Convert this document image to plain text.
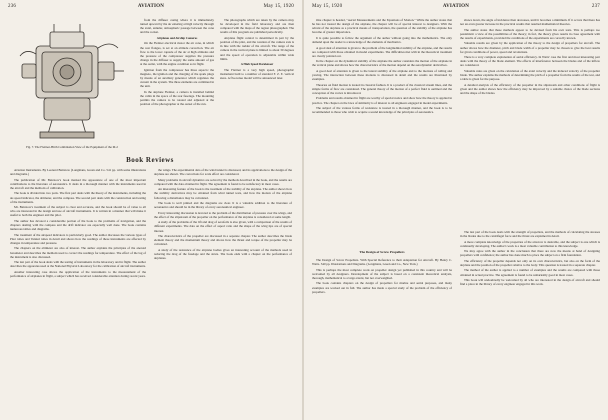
236	AVIATION	May 15, 1920

from the diffuser casing where it is immediately turned upward by the air entering at high velocity through the axial, annular, atmospheric passage between the cone and the rocket.

Airplanes and Airship Cameras

On the Flettner electrical motor the air cone, in which the rear flanges, is set at an altitude correction. The air flow to the lower capsule of the air at high altitudes and the pressure of the compressor supplies the pressure change in the diffuser to supply the same amount of gas at the outlet, with the engine condition as in flight.

Ignition from the compressor has three aspects: the magneto, the ignition and the charging of the spark plugs by means of an auxiliary generator which regulates the current in the system. The three elements are combined in the unit.

In the airplane Flettner, a camera is installed behind the cabin in the space of the rear fuselage. The mounting permits the camera to be rotated and adjusted at the position of the photographer at the outset of the run.

The photographs which are taken by the camera may be developed in the field laboratory and are then compared with the maps of the region photographed. The results of this program are published periodically.

Airplane flight control is determined in part by the position of the pilot, and the rotation of the camera axis is in line with the rudder of the aircraft. The range of the camera in the vertical plane is limited to about 30 degrees and the speed of operation is adjustable within wide limits.

A Hiah Speed Darelenaer

The Flettner is a very high speed, photographic instrument built to a number of standard F. Z. E. vertical sizes. A five-lense model will be announced later.

Fig. 7. The Flettner-Hirth Combination View of the Equipment of the M-2
Book Reviews

Aviation Instruments. By Leonard Bairstow (Longmans, Green and Co. 541 pp. with some illustrations and diagrams.)

The publication of Mr. Bairstow's book marked the appearance of one of the most important contributions to the literature of aeronautics. It deals in a thorough manner with the instruments used in the aircraft and the methods of calibration.

The book is divided into two parts. The first part deals with the theory of the instruments, including the air-speed indicator, the altimeter, and the compass. The second part deals with the construction and testing of the instruments.

Mr. Bairstow's treatment of the subject is clear and accurate, and the book should be of value to all who are interested in the design and use of aircraft instruments. It is written in a manner that will make it useful to both the engineer and the pilot.

The author has devoted a considerable portion of the book to the problems of navigation, and the chapters dealing with the compass and the drift indicator are especially well done. The book contains numerous tables and diagrams.

The treatment of the airspeed indicators is particularly good. The author discusses the various types of Pitot tubes and Venturi tubes in detail and shows how the readings of these instruments are affected by changes in temperature and pressure.

The chapters on the altimeter are also of interest. The author explains the principles of the aneroid barometer and describes the methods used to correct the readings for temperature. The effect of the lag of the instrument is also discussed.

The last part of the book deals with the testing of instruments in the laboratory and in flight. The author describes the apparatus used at the National Physical Laboratory for the calibration of aircraft instruments.

Another interesting case shows the application of the instruments to the measurement of the performance of airplanes in flight, a subject which has received considerable attention during recent years.

the wings. The experimental data of the wind tunnel is discussed, and its applications to the design of the airplane are shown. The corrections for scale effect are considered.

Many problems in aircraft dynamics are solved by the methods described in the book, and the results are compared with the data obtained in flight. The agreement is found to be satisfactory in most cases.

An interesting feature of the book is the treatment of the stability of the airplane. The author shows how the stability derivatives may be obtained from wind tunnel tests, and how the motion of the airplane following a disturbance may be calculated.

The book is well printed and the diagrams are clear. It is a valuable addition to the literature of aeronautics and should be in the library of every aeronautical engineer.

Every interesting discussion is devoted to the problem of the distribution of pressure over the wings, and the effect of the slipstream of the propeller on the performance of the airplane is considered at some length.

A study of the problems of the lift and drag of aerofoils is also given, with a comparison of the results of different experiments. The data on the effect of aspect ratio and the shape of the wing tips are of special interest.

The characteristics of the propeller are discussed in a separate chapter. The author describes the blade element theory and the momentum theory and shows how the thrust and torque of the propeller may be calculated.

A study of the resistance of the airplane bodies gives an interesting account of the methods used in reducing the drag of the fuselage and the struts. The book ends with a chapter on the performance of airplanes.

May 15, 1920	AVIATION	237

One chapter is headed, "Aerial Measurements and the Equations of Motion." While the author states that he has not treated the design of the airplane, the chapter will be of special interest to designers. With the advent of the airplane as a practical means of transportation, the question of the stability of the airplane has become of greater importance.

It is quite possible to follow the argument of the author without going into the mathematics. The only demand upon the reader is a knowledge of the elements of mechanics.

A good deal of attention is given to the problem of the longitudinal stability of the airplane, and the results are compared with those obtained in model experiments. The difficulties met with in the theoretical treatment are clearly pointed out.

In the chapter on the dynamical stability of the airplane the author considers the motion of the airplane in the vertical plane and shows how the characteristics of the motion depend on the aerodynamic derivatives.

A good deal of attention is given to the lateral stability of the airplane and to the motions of rolling and yawing. The interaction between these motions is discussed in detail and the results are illustrated by examples.

Theories on fluid motion is treated in classical fashion. It is a product of the classical stream lines, and the simple forms of flow are considered. The general theory of the motion of a perfect fluid is outlined and the conception of the vortex is introduced.

Problems and results obtained in flight are worthy of special notice and show how the theory is applied in practice. The chapter on the laws of similarity is of interest to all engineers engaged in model experiments.

The subject of the various forms of resistance is treated in a thorough manner, and the book is to be recommended to those who wish to acquire a sound knowledge of the principles of aeronautics.

The Design of Screw Propellers

The Design of Screw Propellers. With Special Reference to their Adaptation for Aircraft. By Henry C. Watts. 340 pp. Illustrations and Diagrams. (Longmans, Green and Co., New York.)

This is perhaps the most complete work on propeller design yet published in this country and will be welcomed by all designers. Development of the subject is based on a consistent theoretical analysis, thorough, mathematical to a large extent, but not overweighted.

The book contains chapters on the design of propellers for marine and aerial purposes, and many examples are worked out in full. The author has made a special study of the problem of the efficiency of propellers.

shows down, the angle of incidence then decreases, until it becomes a minimum. If it occurs that there has not an even greater increase in the practical results that resulted mathematical theories.

The author states that these methods appear to be devised from his own tests. This is perhaps too pessimistic a view of the possibilities of the theory; in fact, the theory gives results in close agreement with the results of experiments, provided the conditions of the experiments are correctly known.

Valuable results are given by the application of the theory to the design of propellers for aircraft. The author shows how the diameter, pitch and blade width of a propeller may be chosen to give the best results for given conditions of power, speed and revolutions.

There is a very complete explanation of aerial efficiency. In Watts' case the first and most interesting part deals with the theory of the blade element. The effects of interference between the blades and of the inflow are considered.

Valuable rules are given on the calculation of the axial velocity and the induced velocity of the propeller blade. The author explains the methods of determining the pitch of a propeller from the results of the test, and a table is given for the purpose.

A detailed analysis of the efficiency of the propeller in the slipstream and other conditions of flight is given and the author shows how the efficiency may be improved by a suitable choice of the blade sections and the shape of the blades.

The last part of the book deals with the strength of propellers, and the methods of calculating the stresses in the blades due to the centrifugal force and the thrust are explained in detail.

A more complete knowledge of the properties of the airscrew is desirable, and the subject is one which is continually developing. The author's work is a most valuable contribution to this knowledge.

We may agree with the author in the conclusion that there are now the means at hand of designing propellers with confidence; the author has done much to place the subject on a firm foundation.

The efficiency of the propeller depends not only on its own characteristics, but also on the form of the airplane and the position of the propeller relative to the body. This question is treated in a separate chapter.

The method of the author is applied to a number of examples and the results are compared with those obtained in actual practice. The agreement is found to be remarkably good in most cases.

This book will undoubtedly be welcomed by all who are interested in the design of aircraft and should find a place in the library of every engineer engaged in this work.
